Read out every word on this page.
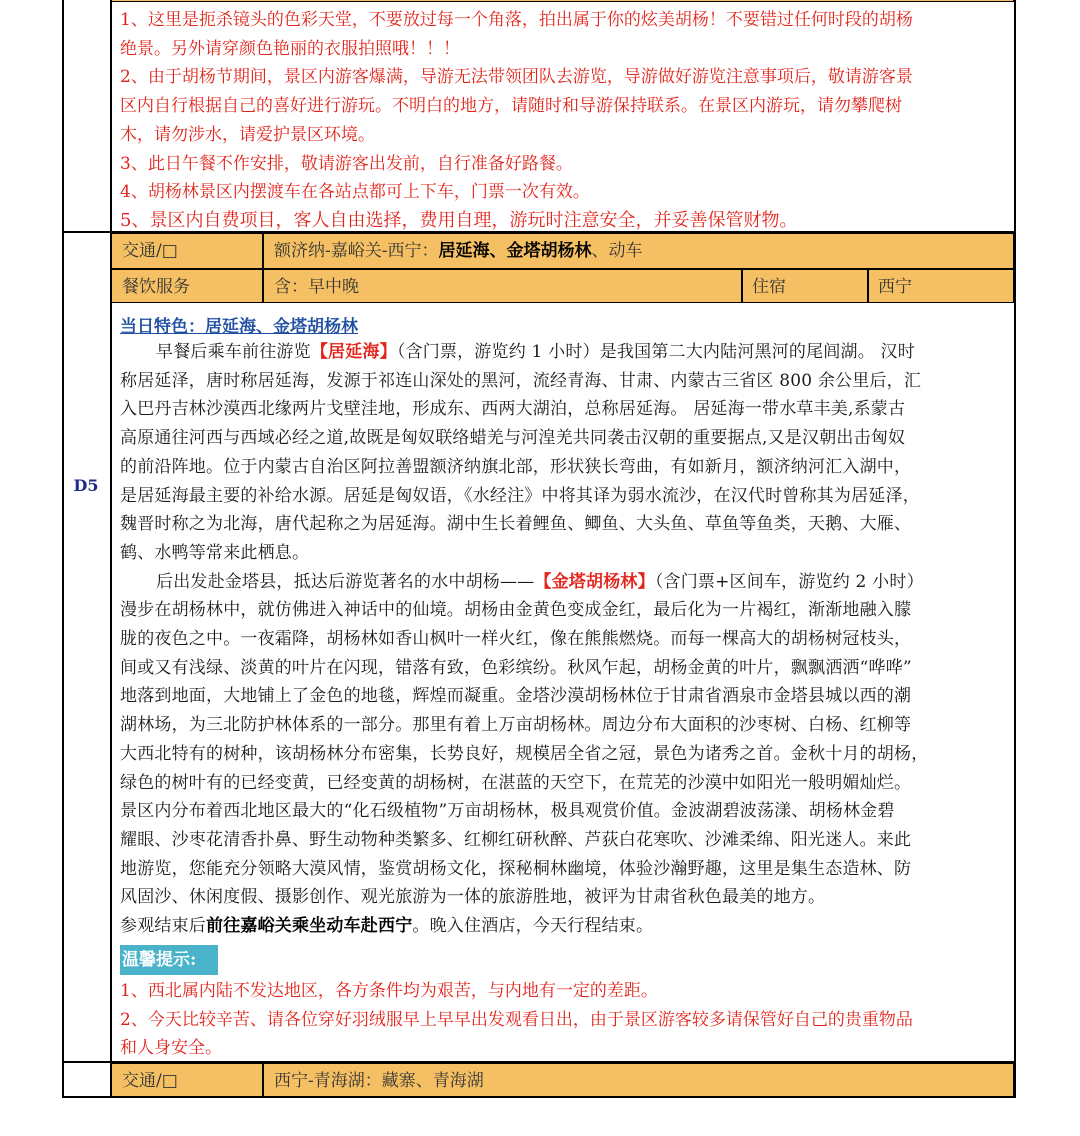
1、这里是扼杀镜头的色彩天堂，不要放过每一个角落，拍出属于你的炫美胡杨！不要错过任何时段的胡杨
绝景。另外请穿颜色艳丽的衣服拍照哦！！！
2、由于胡杨节期间，景区内游客爆满，导游无法带领团队去游览，导游做好游览注意事项后，敬请游客景
区内自行根据自己的喜好进行游玩。不明白的地方，请随时和导游保持联系。在景区内游玩，请勿攀爬树
木，请勿涉水，请爱护景区环境。
3、此日午餐不作安排，敬请游客出发前，自行准备好路餐。
4、胡杨林景区内摆渡车在各站点都可上下车，门票一次有效。
5、景区内自费项目，客人自由选择，费用自理，游玩时注意安全，并妥善保管财物。
交通/□	额济纳-嘉峪关-西宁：居延海、金塔胡杨林、动车
餐饮服务	含：早中晚	住宿	西宁
D5
当日特色：居延海、金塔胡杨林
早餐后乘车前往游览【居延海】（含门票，游览约 1 小时）是我国第二大内陆河黑河的尾闾湖。 汉时
称居延泽，唐时称居延海，发源于祁连山深处的黑河，流经青海、甘肃、内蒙古三省区 800 余公里后，汇
入巴丹吉林沙漠西北缘两片戈壁洼地，形成东、西两大湖泊，总称居延海。 居延海一带水草丰美,系蒙古
高原通往河西与西域必经之道,故既是匈奴联络蜡羌与河湟羌共同袭击汉朝的重要据点,又是汉朝出击匈奴
的前沿阵地。位于内蒙古自治区阿拉善盟额济纳旗北部，形状狭长弯曲，有如新月，额济纳河汇入湖中，
是居延海最主要的补给水源。居延是匈奴语，《水经注》中将其译为弱水流沙，在汉代时曾称其为居延泽，
魏晋时称之为北海，唐代起称之为居延海。湖中生长着鲤鱼、鲫鱼、大头鱼、草鱼等鱼类，天鹅、大雁、
鹤、水鸭等常来此栖息。
后出发赴金塔县，抵达后游览著名的水中胡杨——【金塔胡杨林】（含门票+区间车，游览约 2 小时）
漫步在胡杨林中，就仿佛进入神话中的仙境。胡杨由金黄色变成金红，最后化为一片褐红，渐渐地融入朦
胧的夜色之中。一夜霜降，胡杨林如香山枫叶一样火红，像在熊熊燃烧。而每一棵高大的胡杨树冠枝头，
间或又有浅绿、淡黄的叶片在闪现，错落有致，色彩缤纷。秋风乍起，胡杨金黄的叶片，飘飘洒洒“哗哗”
地落到地面，大地铺上了金色的地毯，辉煌而凝重。金塔沙漠胡杨林位于甘肃省酒泉市金塔县城以西的潮
湖林场，为三北防护林体系的一部分。那里有着上万亩胡杨林。周边分布大面积的沙枣树、白杨、红柳等
大西北特有的树种，该胡杨林分布密集，长势良好，规模居全省之冠，景色为诸秀之首。金秋十月的胡杨，
绿色的树叶有的已经变黄，已经变黄的胡杨树，在湛蓝的天空下，在荒芜的沙漠中如阳光一般明媚灿烂。
景区内分布着西北地区最大的“化石级植物”万亩胡杨林，极具观赏价值。金波湖碧波荡漾、胡杨林金碧
耀眼、沙枣花清香扑鼻、野生动物种类繁多、红柳红研秋醉、芦荻白花寒吹、沙滩柔绵、阳光迷人。来此
地游览，您能充分领略大漠风情，鉴赏胡杨文化，探秘桐林幽境，体验沙瀚野趣，这里是集生态造林、防
风固沙、休闲度假、摄影创作、观光旅游为一体的旅游胜地，被评为甘肃省秋色最美的地方。
参观结束后前往嘉峪关乘坐动车赴西宁。晚入住酒店，今天行程结束。
温馨提示:
1、西北属内陆不发达地区，各方条件均为艰苦，与内地有一定的差距。
2、今天比较辛苦、请各位穿好羽绒服早上早早出发观看日出，由于景区游客较多请保管好自己的贵重物品
和人身安全。
交通/□	西宁-青海湖：藏寨、青海湖
